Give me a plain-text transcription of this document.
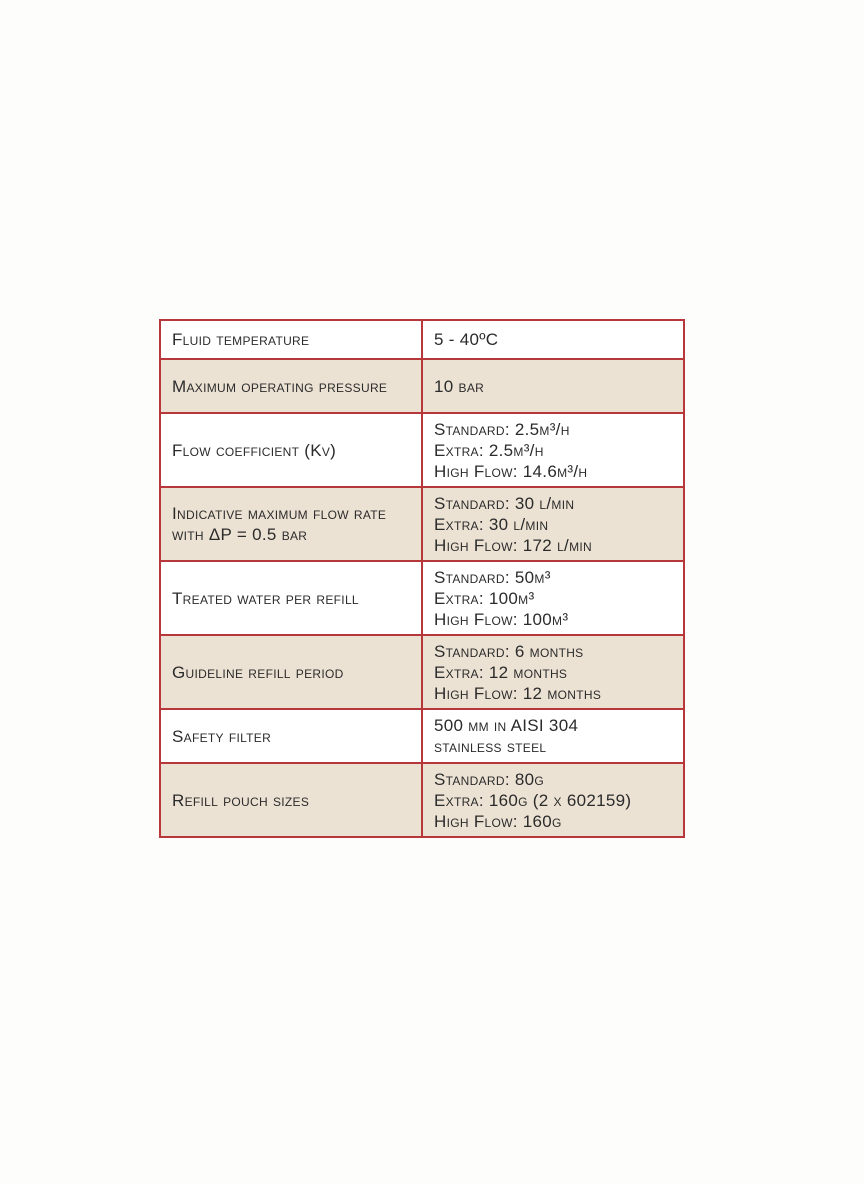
Fluid temperature	5 - 40ºC

Maximum operating pressure	10 bar

Flow coefficient (Kv)	Standard: 2.5m³/h
Extra: 2.5m³/h
High Flow: 14.6m³/h

Indicative maximum flow rate with ΔP = 0.5 bar	Standard: 30 l/min
Extra: 30 l/min
High Flow: 172 l/min

Treated water per refill	Standard: 50m³
Extra: 100m³
High Flow: 100m³

Guideline refill period	Standard: 6 months
Extra: 12 months
High Flow: 12 months

Safety filter	500 µm in AISI 304
stainless steel

Refill pouch sizes	Standard: 80g
Extra: 160g (2 x 602159)
High Flow: 160g
